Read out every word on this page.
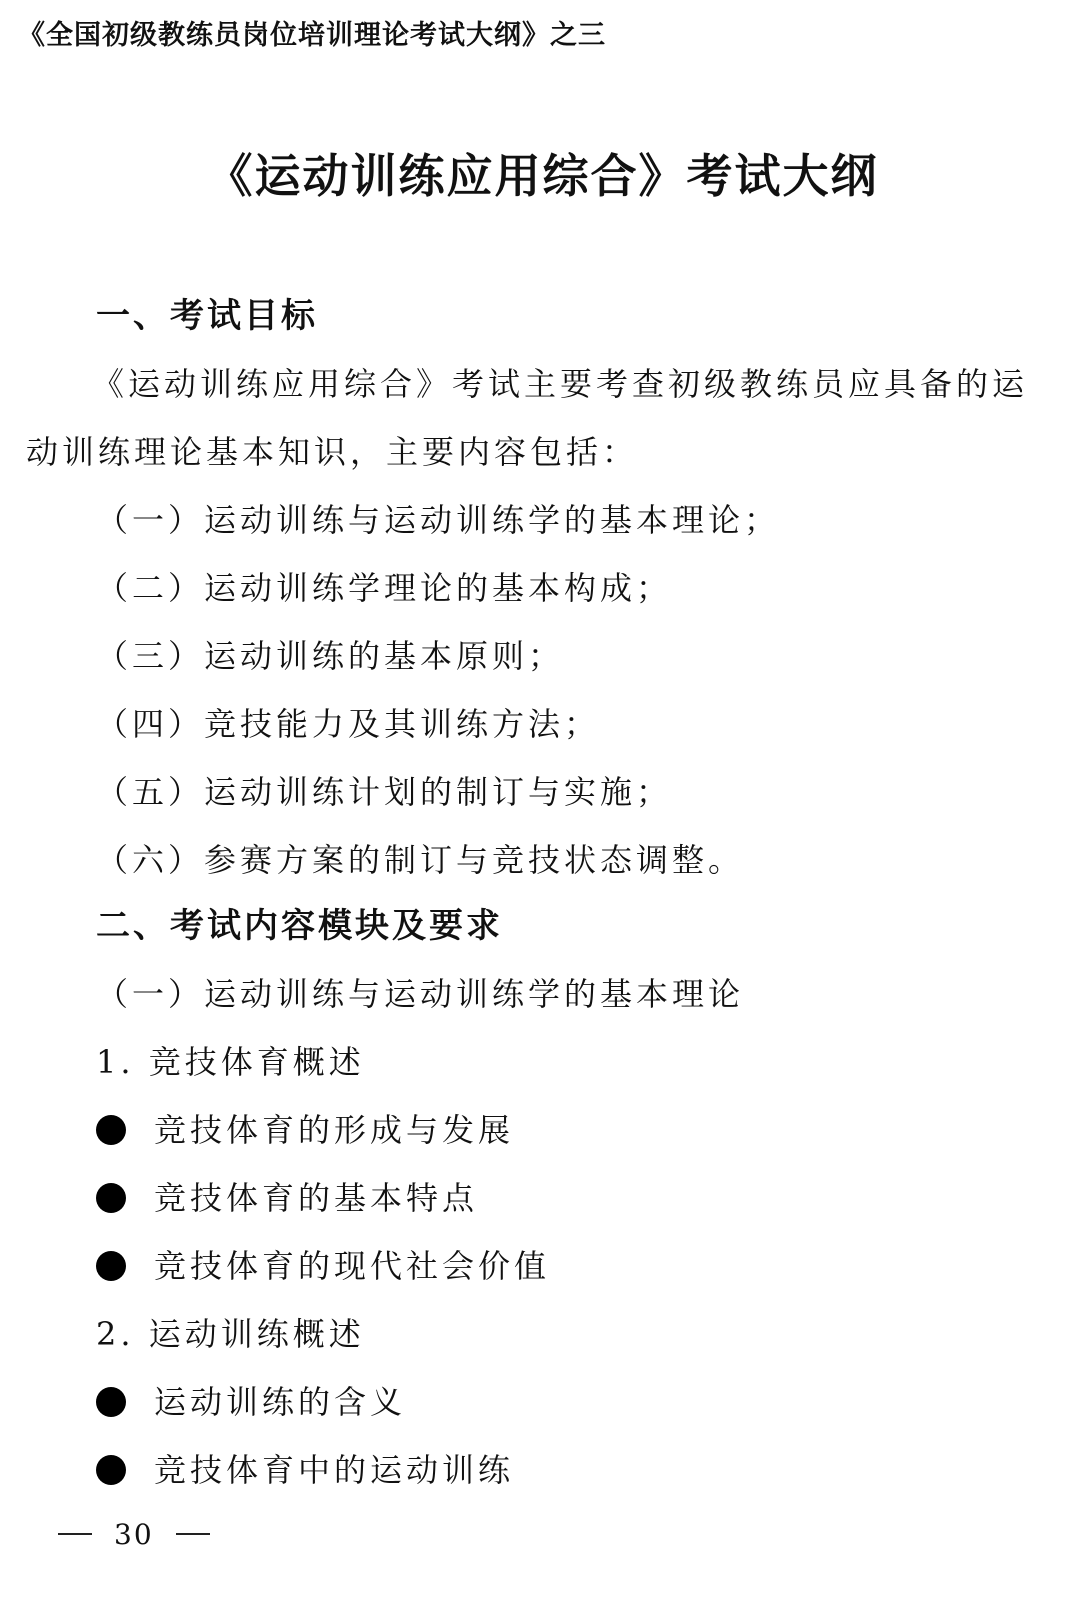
《全国初级教练员岗位培训理论考试大纲》之三
《运动训练应用综合》考试大纲
一、考试目标
《运动训练应用综合》考试主要考查初级教练员应具备的运
动训练理论基本知识，主要内容包括：
（一）运动训练与运动训练学的基本理论；
（二）运动训练学理论的基本构成；
（三）运动训练的基本原则；
（四）竞技能力及其训练方法；
（五）运动训练计划的制订与实施；
（六）参赛方案的制订与竞技状态调整。
二、考试内容模块及要求
（一）运动训练与运动训练学的基本理论
1. 竞技体育概述
竞技体育的形成与发展
竞技体育的基本特点
竞技体育的现代社会价值
2. 运动训练概述
运动训练的含义
竞技体育中的运动训练
30
